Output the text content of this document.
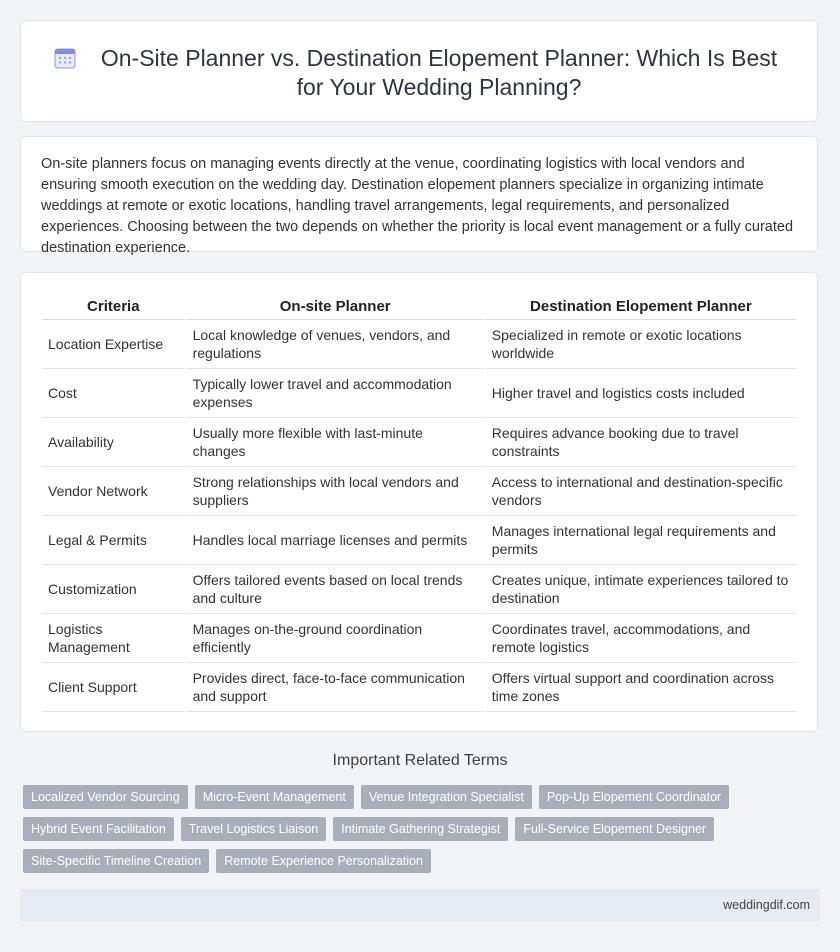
On-Site Planner vs. Destination Elopement Planner: Which Is Best for Your Wedding Planning?

On-site planners focus on managing events directly at the venue, coordinating logistics with local vendors and ensuring smooth execution on the wedding day. Destination elopement planners specialize in organizing intimate weddings at remote or exotic locations, handling travel arrangements, legal requirements, and personalized experiences. Choosing between the two depends on whether the priority is local event management or a fully curated destination experience.

Criteria	On-site Planner	Destination Elopement Planner
Location Expertise	Local knowledge of venues, vendors, and regulations	Specialized in remote or exotic locations worldwide
Cost	Typically lower travel and accommodation expenses	Higher travel and logistics costs included
Availability	Usually more flexible with last-minute changes	Requires advance booking due to travel constraints
Vendor Network	Strong relationships with local vendors and suppliers	Access to international and destination-specific vendors
Legal & Permits	Handles local marriage licenses and permits	Manages international legal requirements and permits
Customization	Offers tailored events based on local trends and culture	Creates unique, intimate experiences tailored to destination
Logistics Management	Manages on-the-ground coordination efficiently	Coordinates travel, accommodations, and remote logistics
Client Support	Provides direct, face-to-face communication and support	Offers virtual support and coordination across time zones
Important Related Terms
Localized Vendor Sourcing	Micro-Event Management	Venue Integration Specialist	Pop-Up Elopement Coordinator
Hybrid Event Facilitation	Travel Logistics Liaison	Intimate Gathering Strategist	Full-Service Elopement Designer
Site-Specific Timeline Creation	Remote Experience Personalization
weddingdif.com
